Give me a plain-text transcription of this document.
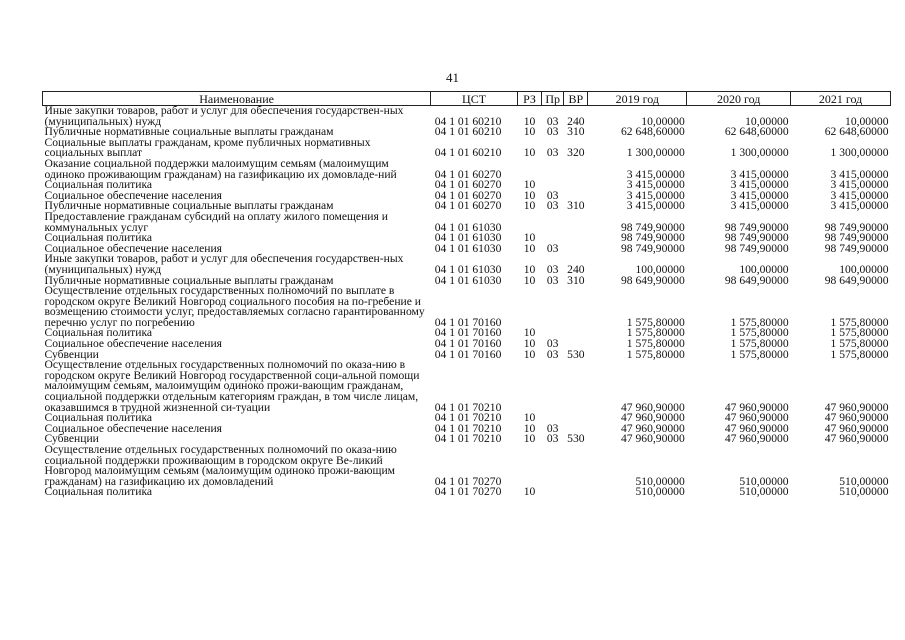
41
Наименование	ЦСТ	РЗ	Пр	ВР	2019 год	2020 год	2021 год
Иные закупки товаров, работ и услуг для обеспечения государствен-ных (муниципальных) нужд	04 1 01 60210	10	03	240	10,00000	10,00000	10,00000
Публичные нормативные социальные выплаты гражданам	04 1 01 60210	10	03	310	62 648,60000	62 648,60000	62 648,60000
Социальные выплаты гражданам, кроме публичных нормативных социальных выплат	04 1 01 60210	10	03	320	1 300,00000	1 300,00000	1 300,00000
Оказание социальной поддержки малоимущим семьям (малоимущим одиноко проживающим гражданам) на газификацию их домовладе-ний	04 1 01 60270				3 415,00000	3 415,00000	3 415,00000
Социальная политика	04 1 01 60270	10			3 415,00000	3 415,00000	3 415,00000
Социальное обеспечение населения	04 1 01 60270	10	03		3 415,00000	3 415,00000	3 415,00000
Публичные нормативные социальные выплаты гражданам	04 1 01 60270	10	03	310	3 415,00000	3 415,00000	3 415,00000
Предоставление гражданам субсидий на оплату жилого помещения и коммунальных услуг	04 1 01 61030				98 749,90000	98 749,90000	98 749,90000
Социальная политика	04 1 01 61030	10			98 749,90000	98 749,90000	98 749,90000
Социальное обеспечение населения	04 1 01 61030	10	03		98 749,90000	98 749,90000	98 749,90000
Иные закупки товаров, работ и услуг для обеспечения государствен-ных (муниципальных) нужд	04 1 01 61030	10	03	240	100,00000	100,00000	100,00000
Публичные нормативные социальные выплаты гражданам	04 1 01 61030	10	03	310	98 649,90000	98 649,90000	98 649,90000
Осуществление отдельных государственных полномочий по выплате в городском округе Великий Новгород социального пособия на по-гребение и возмещению стоимости услуг, предоставляемых согласно гарантированному перечню услуг по погребению	04 1 01 70160				1 575,80000	1 575,80000	1 575,80000
Социальная политика	04 1 01 70160	10			1 575,80000	1 575,80000	1 575,80000
Социальное обеспечение населения	04 1 01 70160	10	03		1 575,80000	1 575,80000	1 575,80000
Субвенции	04 1 01 70160	10	03	530	1 575,80000	1 575,80000	1 575,80000
Осуществление отдельных государственных полномочий по оказа-нию в городском округе Великий Новгород государственной соци-альной помощи малоимущим семьям, малоимущим одиноко прожи-вающим гражданам, социальной поддержки отдельным категориям граждан, в том числе лицам, оказавшимся в трудной жизненной си-туации	04 1 01 70210				47 960,90000	47 960,90000	47 960,90000
Социальная политика	04 1 01 70210	10			47 960,90000	47 960,90000	47 960,90000
Социальное обеспечение населения	04 1 01 70210	10	03		47 960,90000	47 960,90000	47 960,90000
Субвенции	04 1 01 70210	10	03	530	47 960,90000	47 960,90000	47 960,90000
Осуществление отдельных государственных полномочий по оказа-нию социальной поддержки проживающим в городском округе Ве-ликий Новгород малоимущим семьям (малоимущим одиноко прожи-вающим гражданам) на газификацию их домовладений	04 1 01 70270				510,00000	510,00000	510,00000
Социальная политика	04 1 01 70270	10			510,00000	510,00000	510,00000
